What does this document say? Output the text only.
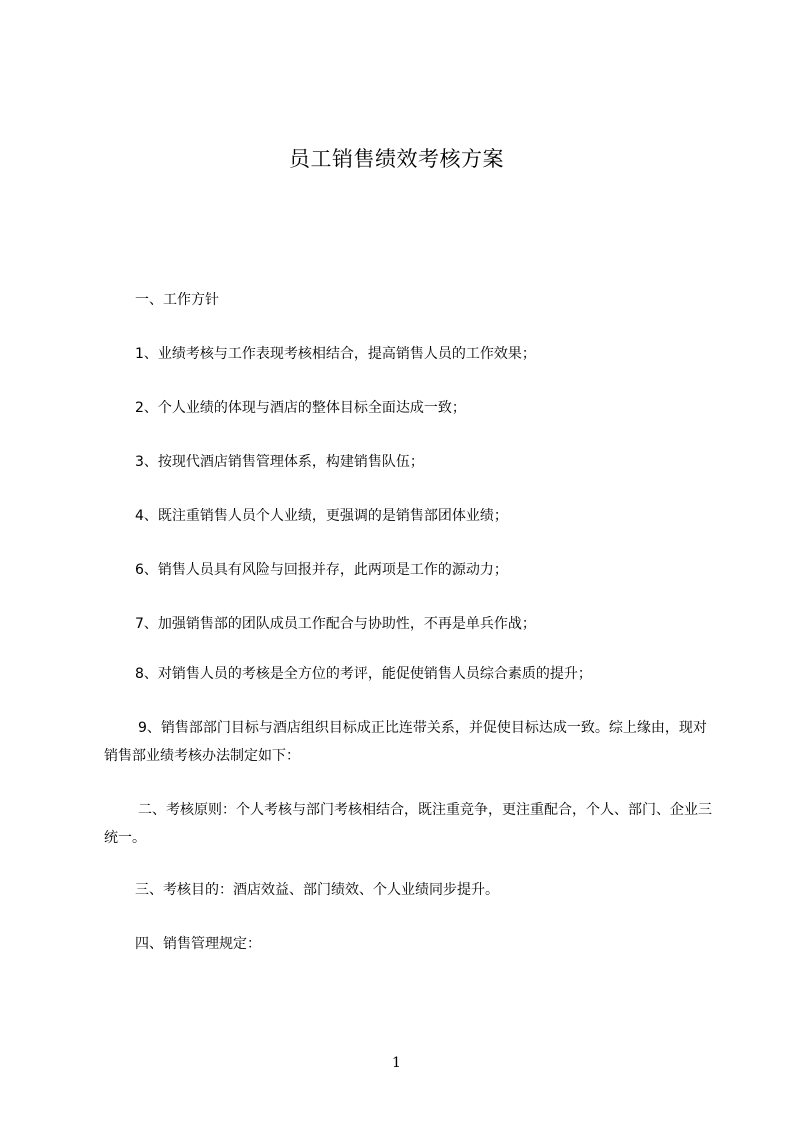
员工销售绩效考核方案
一、工作方针
1、业绩考核与工作表现考核相结合，提高销售人员的工作效果；
2、个人业绩的体现与酒店的整体目标全面达成一致；
3、按现代酒店销售管理体系，构建销售队伍；
4、既注重销售人员个人业绩，更强调的是销售部团体业绩；
6、销售人员具有风险与回报并存，此两项是工作的源动力；
7、加强销售部的团队成员工作配合与协助性，不再是单兵作战；
8、对销售人员的考核是全方位的考评，能促使销售人员综合素质的提升；
9、销售部部门目标与酒店组织目标成正比连带关系，并促使目标达成一致。综上缘由，现对销售部业绩考核办法制定如下：
二、考核原则：个人考核与部门考核相结合，既注重竞争，更注重配合，个人、部门、企业三统一。
三、考核目的：酒店效益、部门绩效、个人业绩同步提升。
四、销售管理规定：
1
